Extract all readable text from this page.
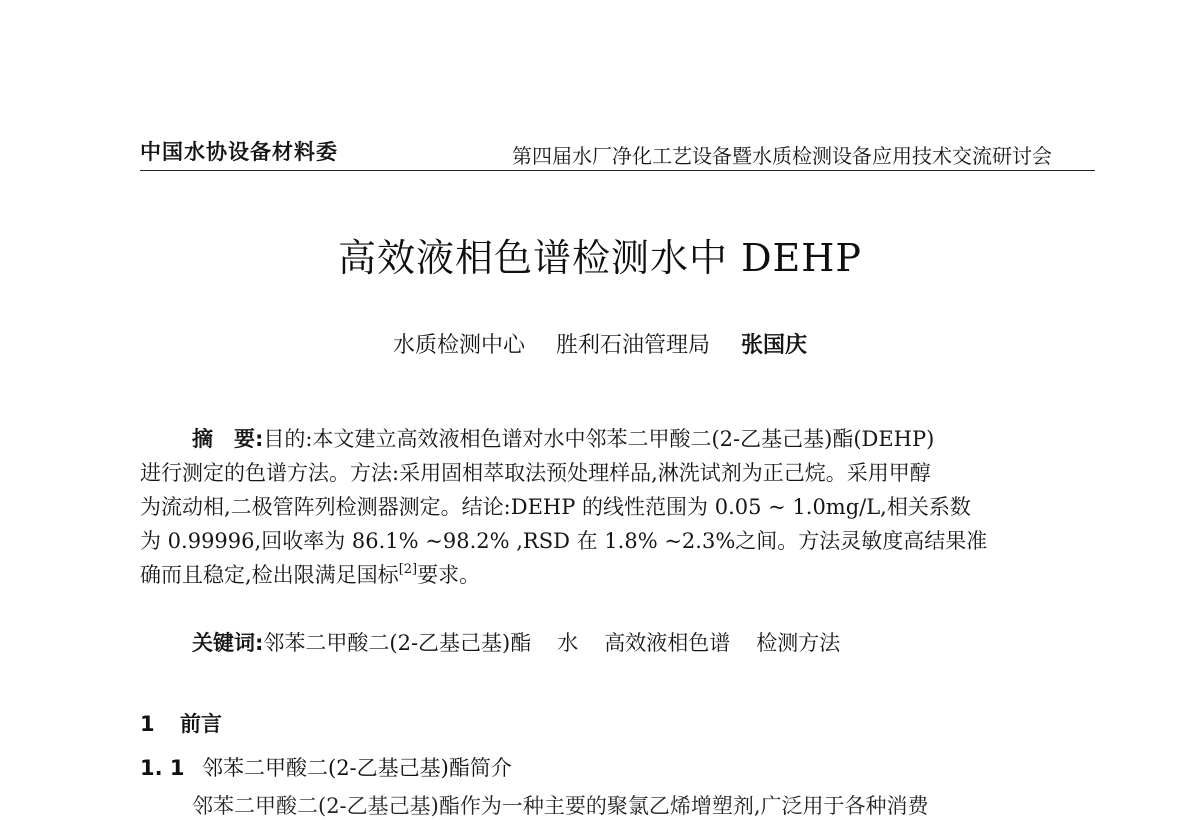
中国水协设备材料委	第四届水厂净化工艺设备暨水质检测设备应用技术交流研讨会
高效液相色谱检测水中 DEHP
水质检测中心 胜利石油管理局 张国庆

摘　要:目的:本文建立高效液相色谱对水中邻苯二甲酸二(2-乙基己基)酯(DEHP)
进行测定的色谱方法。方法:采用固相萃取法预处理样品,淋洗试剂为正己烷。采用甲醇
为流动相,二极管阵列检测器测定。结论:DEHP 的线性范围为 0.05 ~ 1.0mg/L,相关系数
为 0.99996,回收率为 86.1% ~98.2% ,RSD 在 1.8% ~2.3%之间。方法灵敏度高结果准
确而且稳定,检出限满足国标[2]要求。

关键词:邻苯二甲酸二(2-乙基己基)酯 水 高效液相色谱 检测方法
1 前言
1. 1 邻苯二甲酸二(2-乙基己基)酯简介
邻苯二甲酸二(2-乙基己基)酯作为一种主要的聚氯乙烯增塑剂,广泛用于各种消费
